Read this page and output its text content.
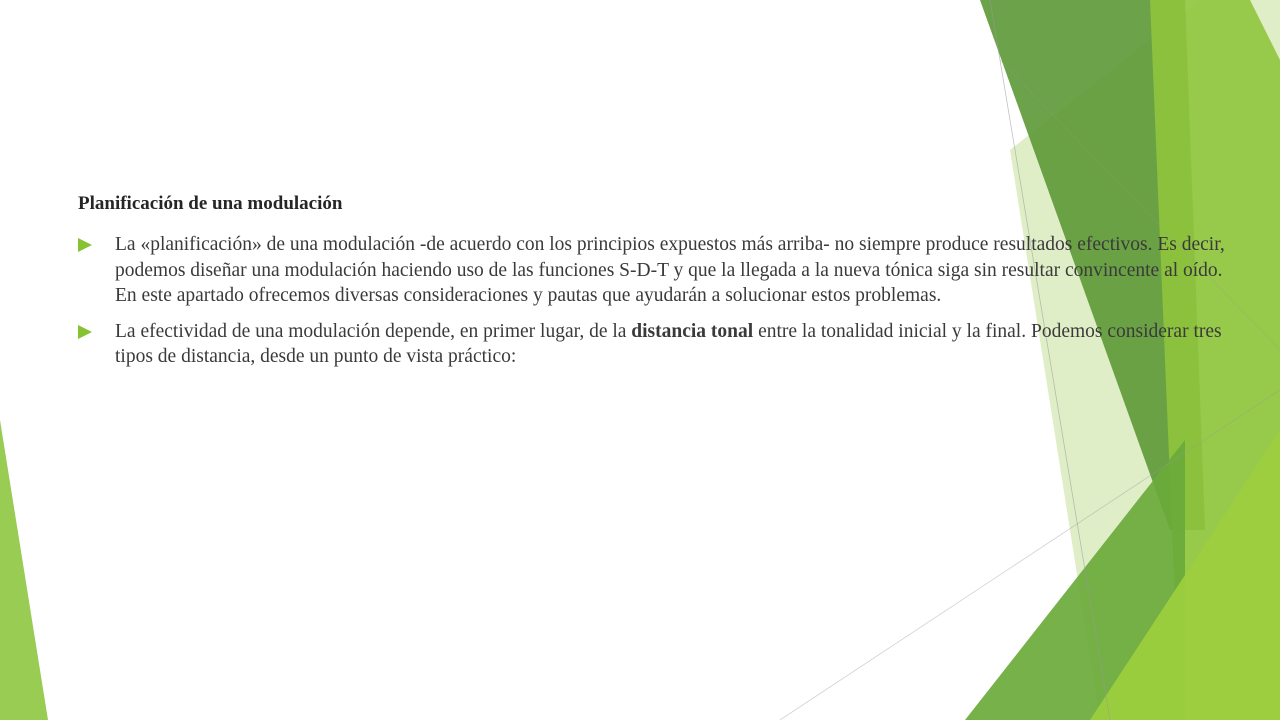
Planificación de una modulación
La «planificación» de una modulación -de acuerdo con los principios expuestos más arriba- no siempre produce resultados efectivos. Es decir, podemos diseñar una modulación haciendo uso de las funciones S-D-T y que la llegada a la nueva tónica siga sin resultar convincente al oído. En este apartado ofrecemos diversas consideraciones y pautas que ayudarán a solucionar estos problemas.
La efectividad de una modulación depende, en primer lugar, de la distancia tonal entre la tonalidad inicial y la final. Podemos considerar tres tipos de distancia, desde un punto de vista práctico:
